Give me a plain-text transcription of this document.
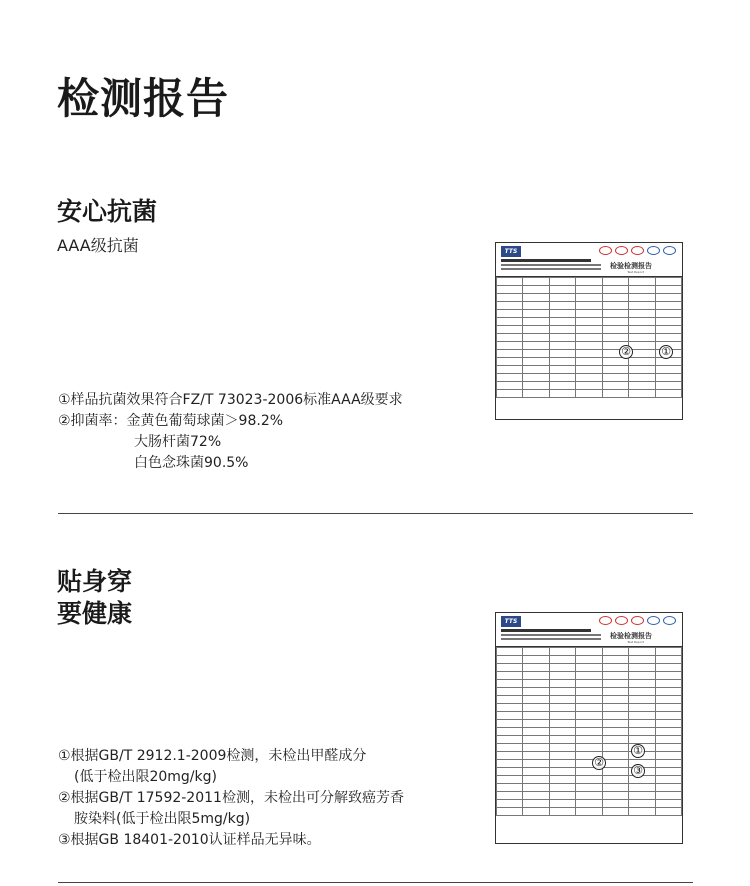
检测报告
安心抗菌
AAA级抗菌	TTS
检验检测报告
Test Report

①
②
①样品抗菌效果符合FZ/T 73023-2006标准AAA级要求
②抑菌率：金黄色葡萄球菌＞98.2%
大肠杆菌72%
白色念珠菌90.5%
贴身穿
要健康	TTS
检验检测报告
Test Report

①
②
③
①根据GB/T 2912.1-2009检测，未检出甲醛成分
(低于检出限20mg/kg)
②根据GB/T 17592-2011检测，未检出可分解致癌芳香
胺染料(低于检出限5mg/kg)
③根据GB 18401-2010认证样品无异味。
